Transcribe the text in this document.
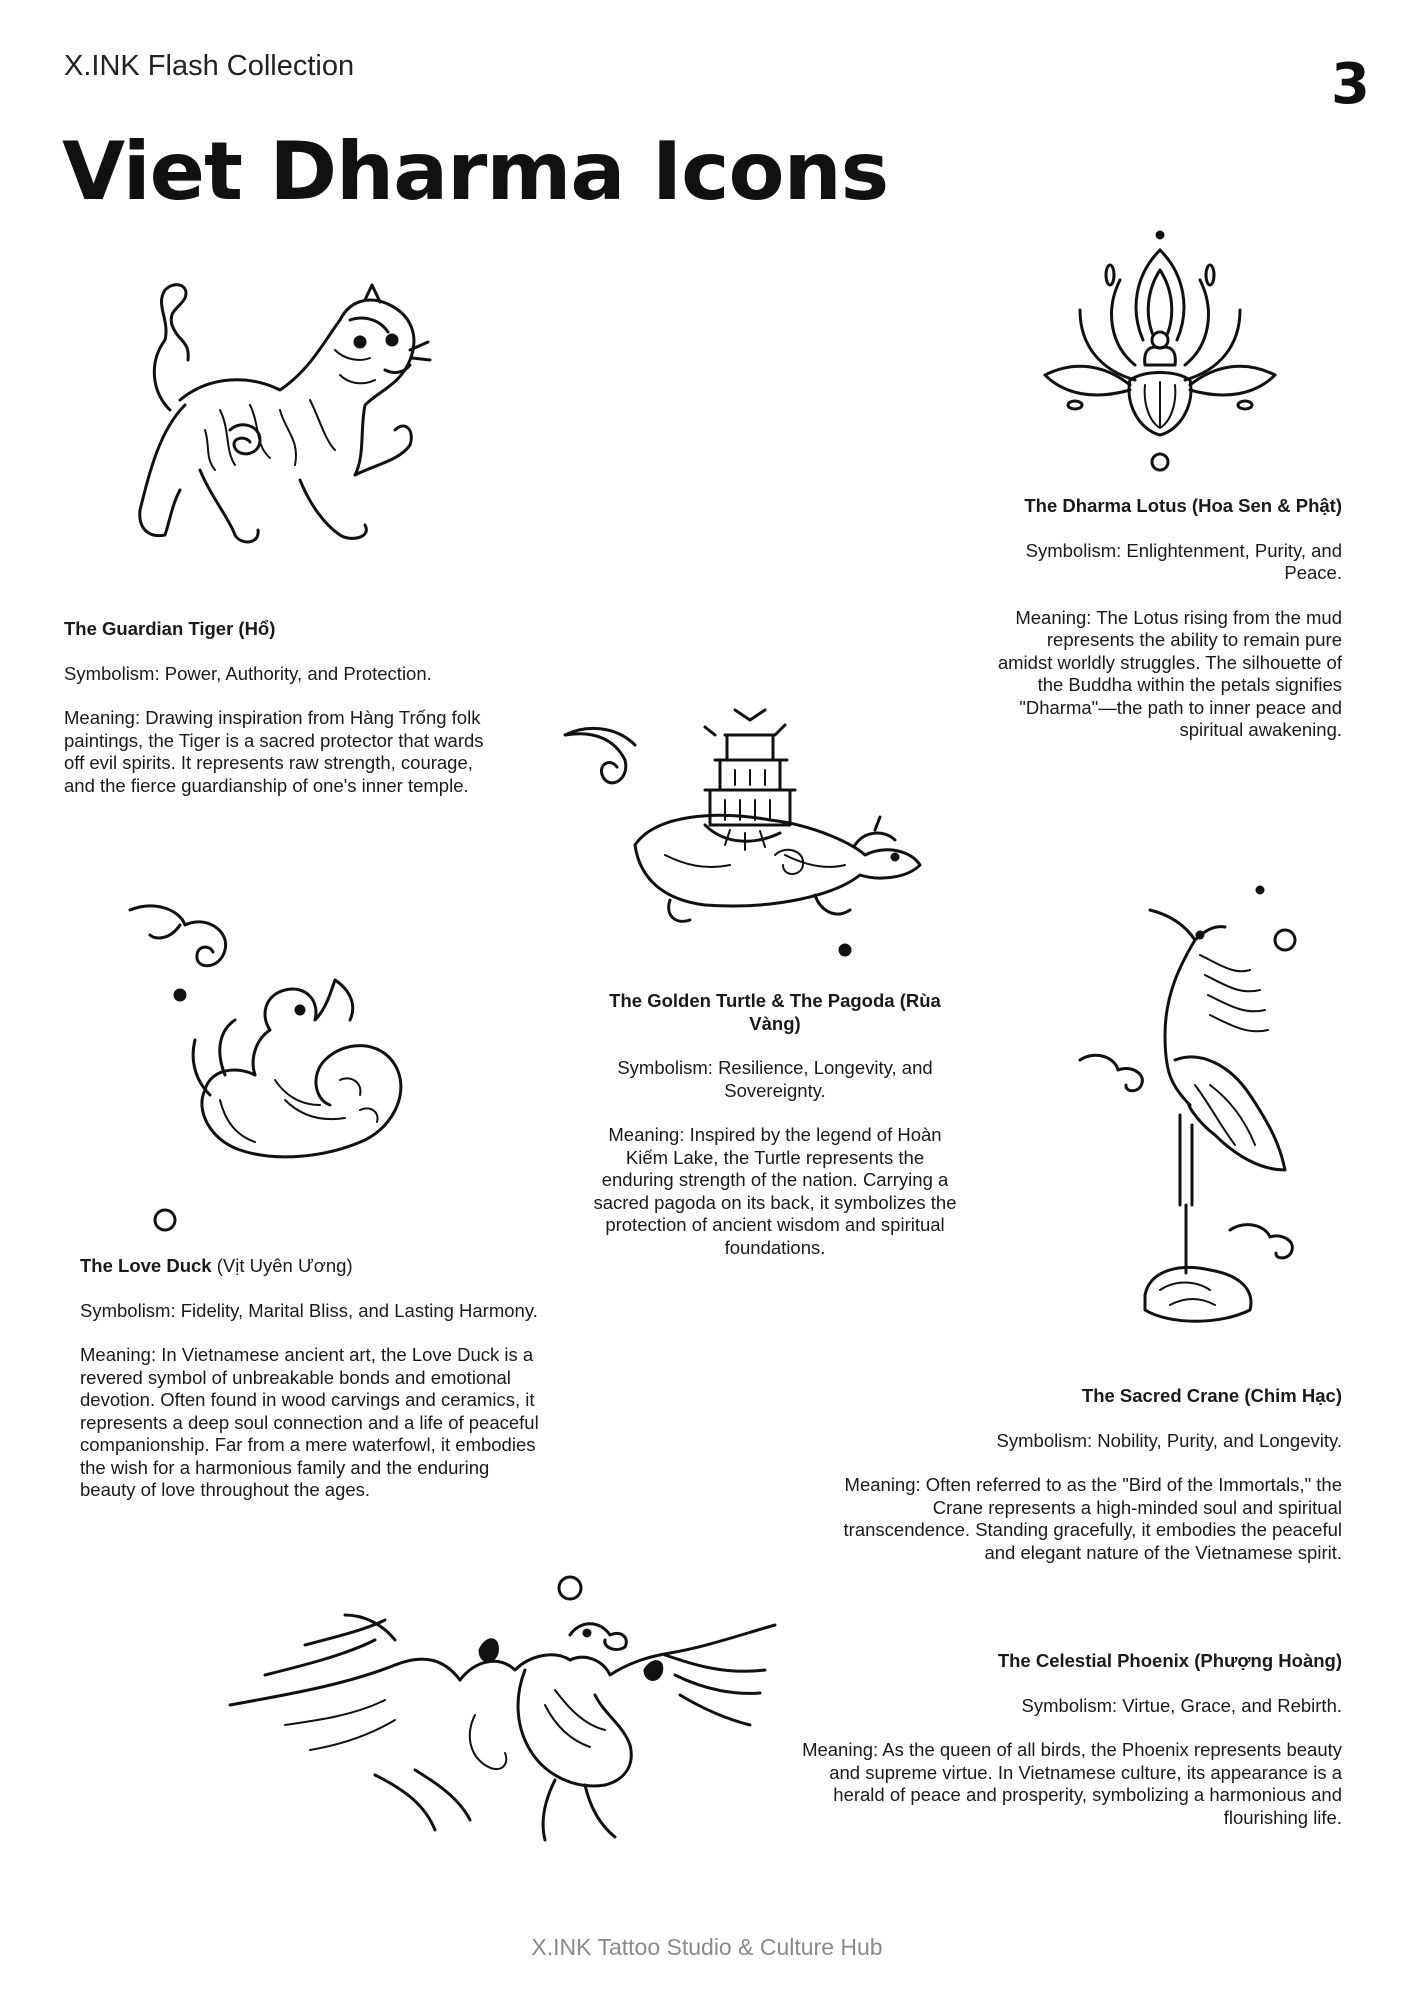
X.INK Flash Collection	3
Viet Dharma Icons

The Guardian Tiger (Hổ)

Symbolism: Power, Authority, and Protection.

Meaning: Drawing inspiration from Hàng Trống folk paintings, the Tiger is a sacred protector that wards off evil spirits. It represents raw strength, courage, and the fierce guardianship of one's inner temple.

The Dharma Lotus (Hoa Sen & Phật)

Symbolism: Enlightenment, Purity, and Peace.

Meaning: The Lotus rising from the mud represents the ability to remain pure amidst worldly struggles. The silhouette of the Buddha within the petals signifies "Dharma"—the path to inner peace and spiritual awakening.

The Golden Turtle & The Pagoda (Rùa Vàng)

Symbolism: Resilience, Longevity, and Sovereignty.

Meaning: Inspired by the legend of Hoàn Kiếm Lake, the Turtle represents the enduring strength of the nation. Carrying a sacred pagoda on its back, it symbolizes the protection of ancient wisdom and spiritual foundations.

The Love Duck (Vịt Uyên Ương)

Symbolism: Fidelity, Marital Bliss, and Lasting Harmony.

Meaning: In Vietnamese ancient art, the Love Duck is a revered symbol of unbreakable bonds and emotional devotion. Often found in wood carvings and ceramics, it represents a deep soul connection and a life of peaceful companionship. Far from a mere waterfowl, it embodies the wish for a harmonious family and the enduring beauty of love throughout the ages.

The Sacred Crane (Chim Hạc)

Symbolism: Nobility, Purity, and Longevity.

Meaning: Often referred to as the "Bird of the Immortals," the Crane represents a high-minded soul and spiritual transcendence. Standing gracefully, it embodies the peaceful and elegant nature of the Vietnamese spirit.

The Celestial Phoenix (Phượng Hoàng)

Symbolism: Virtue, Grace, and Rebirth.

Meaning: As the queen of all birds, the Phoenix represents beauty and supreme virtue. In Vietnamese culture, its appearance is a herald of peace and prosperity, symbolizing a harmonious and flourishing life.

X.INK Tattoo Studio & Culture Hub
